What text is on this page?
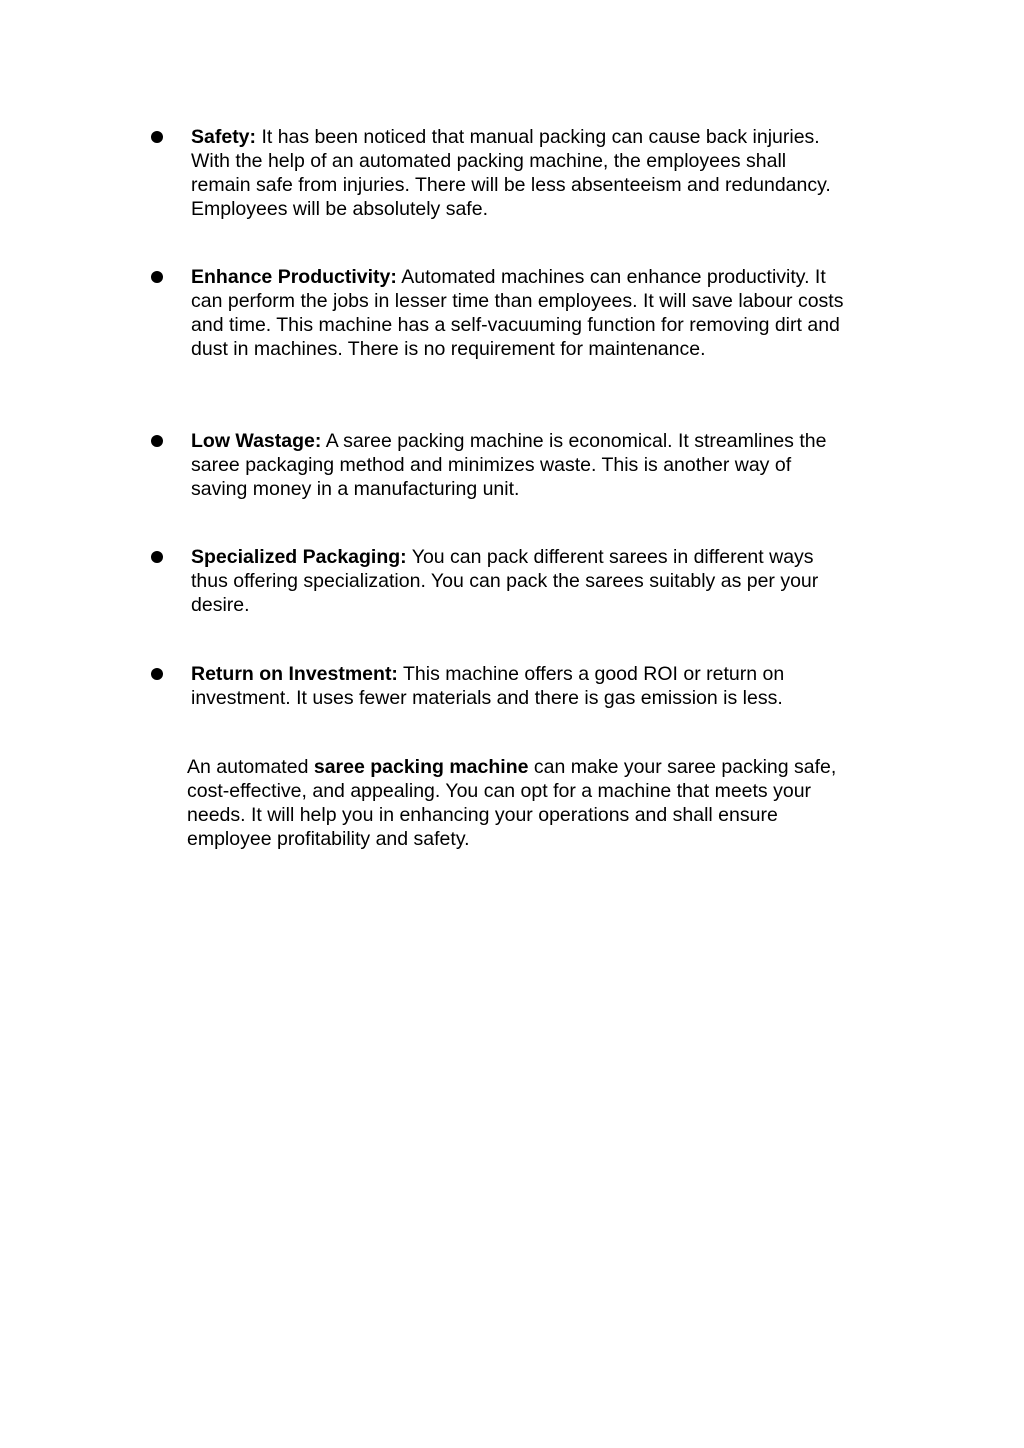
Safety: It has been noticed that manual packing can cause back injuries. With the help of an automated packing machine, the employees shall remain safe from injuries. There will be less absenteeism and redundancy. Employees will be absolutely safe.

Enhance Productivity: Automated machines can enhance productivity. It can perform the jobs in lesser time than employees. It will save labour costs and time. This machine has a self-vacuuming function for removing dirt and dust in machines. There is no requirement for maintenance.

Low Wastage: A saree packing machine is economical. It streamlines the saree packaging method and minimizes waste. This is another way of saving money in a manufacturing unit.

Specialized Packaging: You can pack different sarees in different ways thus offering specialization. You can pack the sarees suitably as per your desire.

Return on Investment: This machine offers a good ROI or return on investment. It uses fewer materials and there is gas emission is less.

An automated saree packing machine can make your saree packing safe, cost-effective, and appealing. You can opt for a machine that meets your needs. It will help you in enhancing your operations and shall ensure employee profitability and safety.
